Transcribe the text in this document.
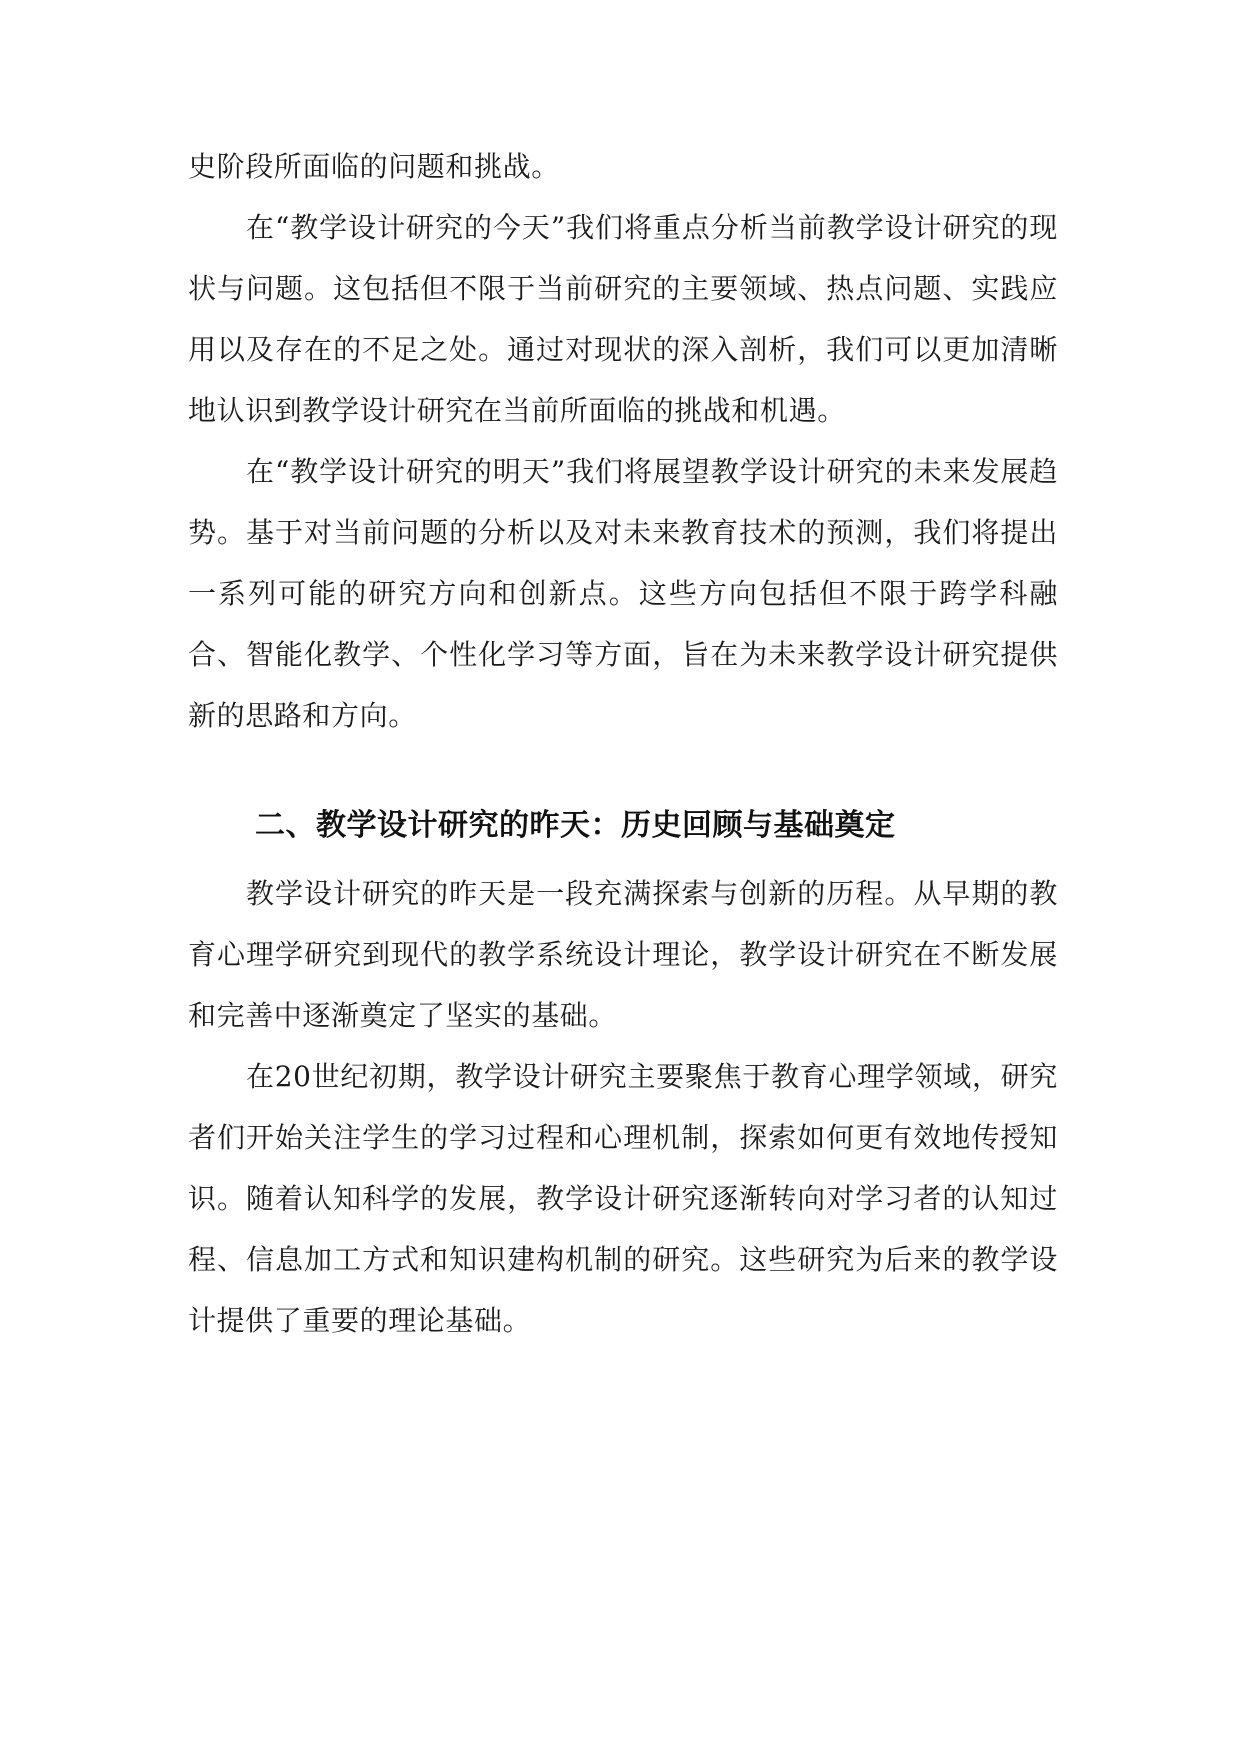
史阶段所面临的问题和挑战。

在“教学设计研究的今天”我们将重点分析当前教学设计研究的现状与问题。这包括但不限于当前研究的主要领域、热点问题、实践应用以及存在的不足之处。通过对现状的深入剖析，我们可以更加清晰地认识到教学设计研究在当前所面临的挑战和机遇。

在“教学设计研究的明天”我们将展望教学设计研究的未来发展趋势。基于对当前问题的分析以及对未来教育技术的预测，我们将提出一系列可能的研究方向和创新点。这些方向包括但不限于跨学科融合、智能化教学、个性化学习等方面，旨在为未来教学设计研究提供新的思路和方向。

二、教学设计研究的昨天：历史回顾与基础奠定

教学设计研究的昨天是一段充满探索与创新的历程。从早期的教育心理学研究到现代的教学系统设计理论，教学设计研究在不断发展和完善中逐渐奠定了坚实的基础。

在20世纪初期，教学设计研究主要聚焦于教育心理学领域，研究者们开始关注学生的学习过程和心理机制，探索如何更有效地传授知识。随着认知科学的发展，教学设计研究逐渐转向对学习者的认知过程、信息加工方式和知识建构机制的研究。这些研究为后来的教学设计提供了重要的理论基础。
